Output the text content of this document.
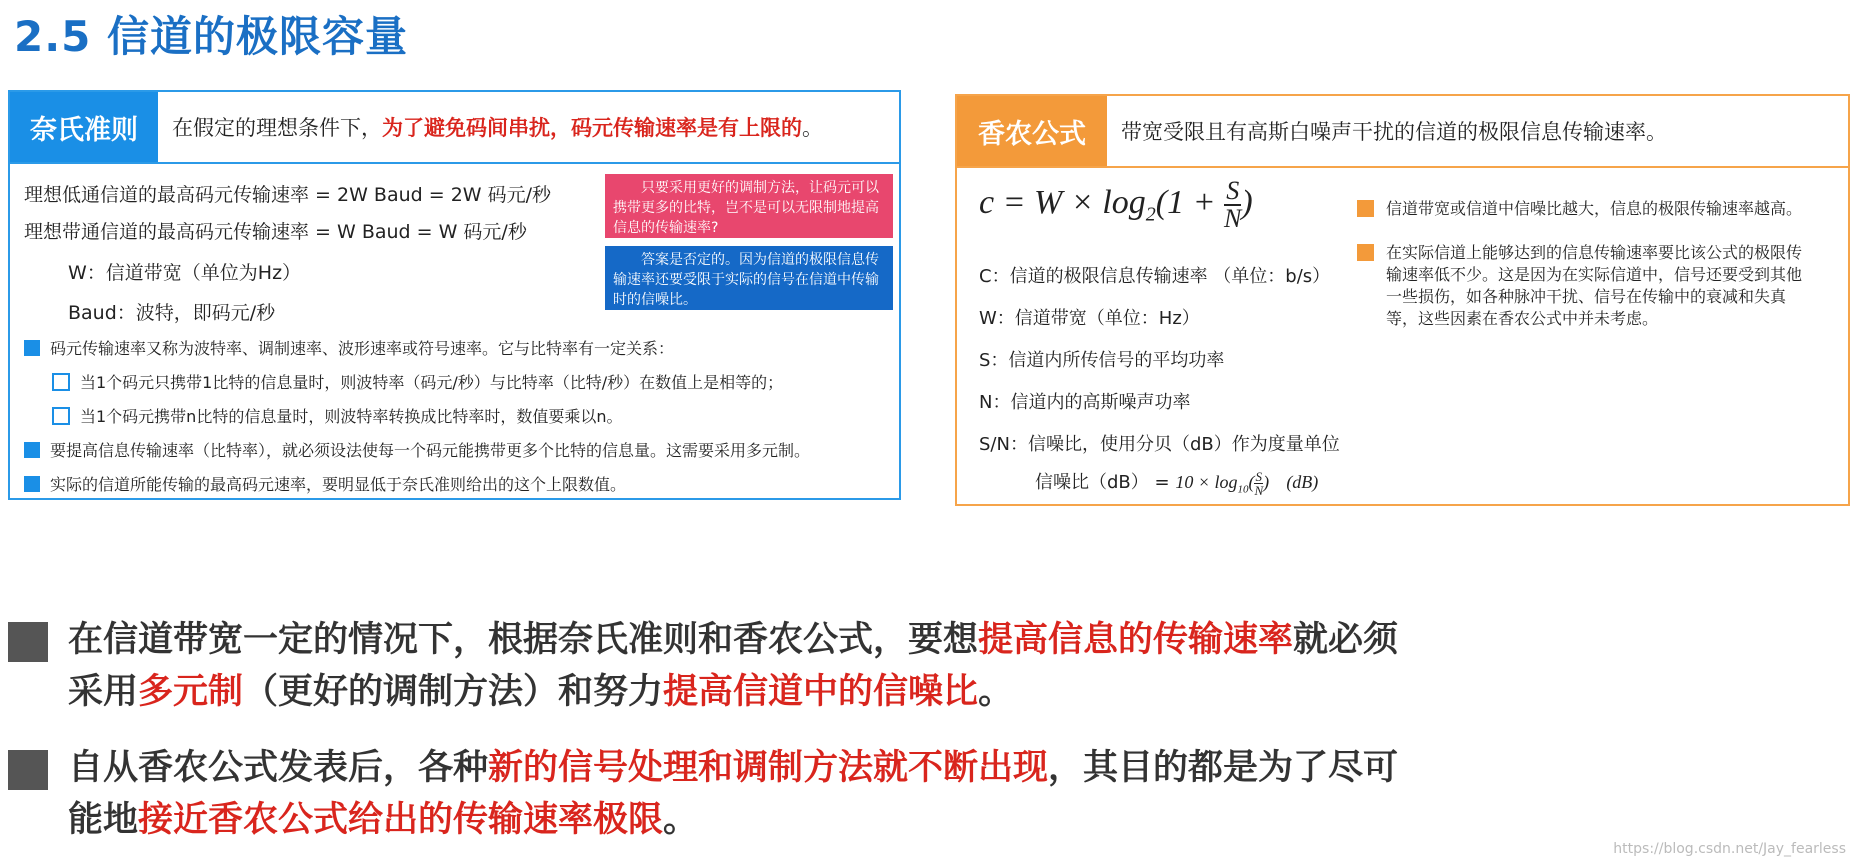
2.5 信道的极限容量
奈氏准则	在假定的理想条件下，为了避免码间串扰，码元传输速率是有上限的。
理想低通信道的最高码元传输速率 = 2W Baud = 2W 码元/秒
理想带通信道的最高码元传输速率 = W Baud = W 码元/秒
W：信道带宽（单位为Hz）
Baud：波特，即码元/秒
只要采用更好的调制方法，让码元可以携带更多的比特，岂不是可以无限制地提高信息的传输速率?
答案是否定的。因为信道的极限信息传输速率还要受限于实际的信号在信道中传输时的信噪比。
码元传输速率又称为波特率、调制速率、波形速率或符号速率。它与比特率有一定关系：
当1个码元只携带1比特的信息量时，则波特率（码元/秒）与比特率（比特/秒）在数值上是相等的；
当1个码元携带n比特的信息量时，则波特率转换成比特率时，数值要乘以n。
要提高信息传输速率（比特率），就必须设法使每一个码元能携带更多个比特的信息量。这需要采用多元制。
实际的信道所能传输的最高码元速率，要明显低于奈氏准则给出的这个上限数值。
香农公式	带宽受限且有高斯白噪声干扰的信道的极限信息传输速率。
$c = W \times \log_2(1 + \frac{S}{N}$ )
C：信道的极限信息传输速率 （单位：b/s）
W：信道带宽（单位：Hz）
S：信道内所传信号的平均功率
N：信道内的高斯噪声功率
S/N：信噪比，使用分贝（dB）作为度量单位
信噪比$(dB) = 10 \times \log_{10}( \frac{S}{N})$ (dB)
信道带宽或信道中信噪比越大，信息的极限传输速率越高。
在实际信道上能够达到的信息传输速率要比该公式的极限传输速率低不少。这是因为在实际信道中，信号还要受到其他一些损伤，如各种脉冲干扰、信号在传输中的衰减和失真等，这些因素在香农公式中并未考虑。
在信道带宽一定的情况下，根据奈氏准则和香农公式，要想提高信息的传输速率就必须采用多元制（更好的调制方法）和努力提高信道中的信噪比。
自从香农公式发表后，各种新的信号处理和调制方法就不断出现，其目的都是为了尽可能地接近香农公式给出的传输速率极限。
https://blog.csdn.net/Jay_fearless
